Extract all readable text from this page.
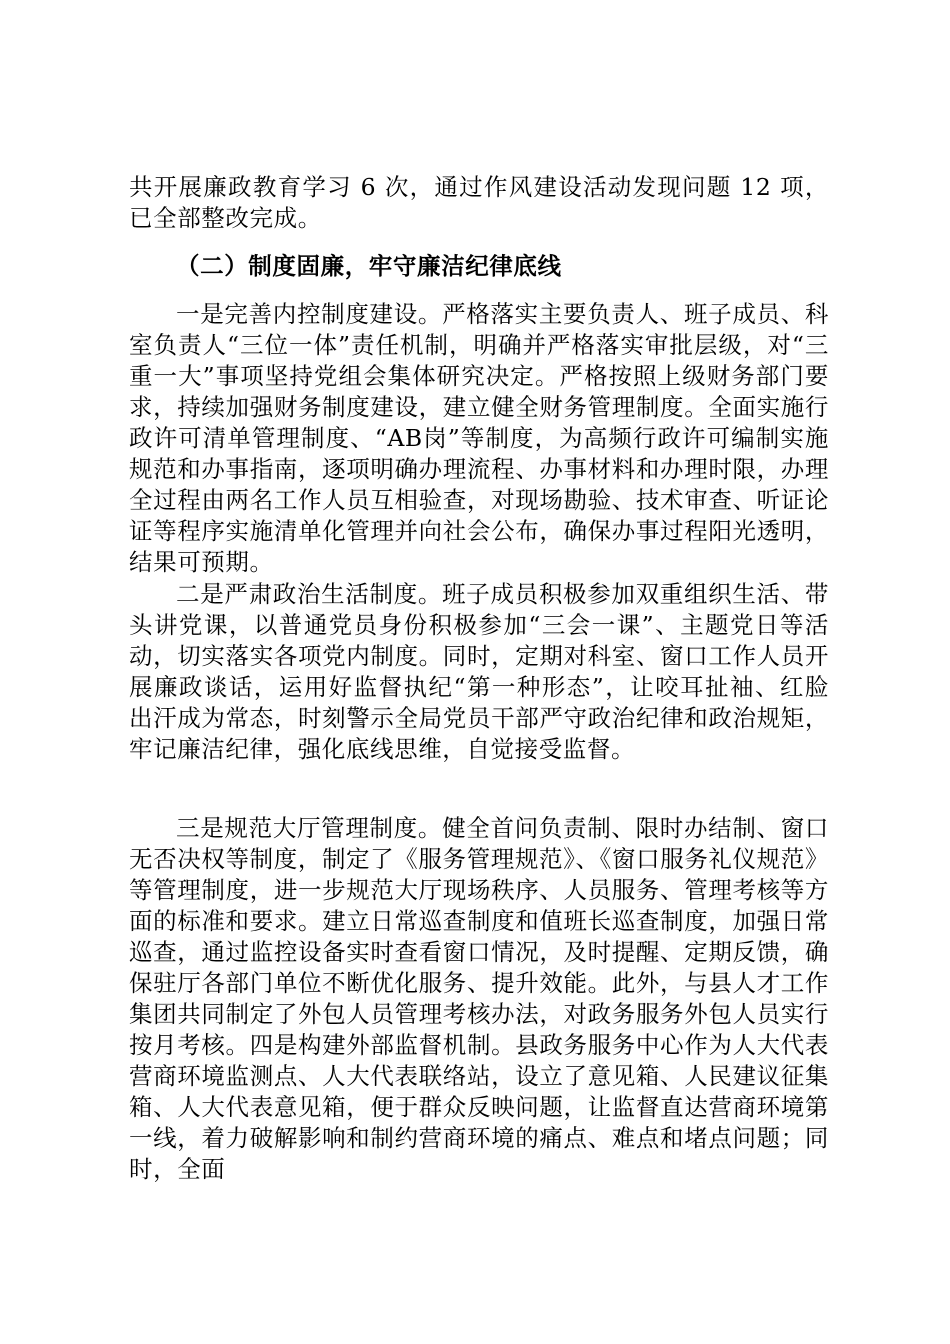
共开展廉政教育学习 6 次，通过作风建设活动发现问题 12 项，已全部整改完成。

（二）制度固廉，牢守廉洁纪律底线

一是完善内控制度建设。严格落实主要负责人、班子成员、科室负责人“三位一体”责任机制，明确并严格落实审批层级，对“三重一大”事项坚持党组会集体研究决定。严格按照上级财务部门要求，持续加强财务制度建设，建立健全财务管理制度。全面实施行政许可清单管理制度、“AB岗”等制度，为高频行政许可编制实施规范和办事指南，逐项明确办理流程、办事材料和办理时限，办理全过程由两名工作人员互相验查，对现场勘验、技术审查、听证论证等程序实施清单化管理并向社会公布，确保办事过程阳光透明，结果可预期。

二是严肃政治生活制度。班子成员积极参加双重组织生活、带头讲党课，以普通党员身份积极参加“三会一课”、主题党日等活动，切实落实各项党内制度。同时，定期对科室、窗口工作人员开展廉政谈话，运用好监督执纪“第一种形态”，让咬耳扯袖、红脸出汗成为常态，时刻警示全局党员干部严守政治纪律和政治规矩，牢记廉洁纪律，强化底线思维，自觉接受监督。

三是规范大厅管理制度。健全首问负责制、限时办结制、窗口无否决权等制度，制定了《服务管理规范》、《窗口服务礼仪规范》等管理制度，进一步规范大厅现场秩序、人员服务、管理考核等方面的标准和要求。建立日常巡查制度和值班长巡查制度，加强日常巡查，通过监控设备实时查看窗口情况，及时提醒、定期反馈，确保驻厅各部门单位不断优化服务、提升效能。此外，与县人才工作集团共同制定了外包人员管理考核办法，对政务服务外包人员实行按月考核。四是构建外部监督机制。县政务服务中心作为人大代表营商环境监测点、人大代表联络站，设立了意见箱、人民建议征集箱、人大代表意见箱，便于群众反映问题，让监督直达营商环境第一线，着力破解影响和制约营商环境的痛点、难点和堵点问题；同时，全面
